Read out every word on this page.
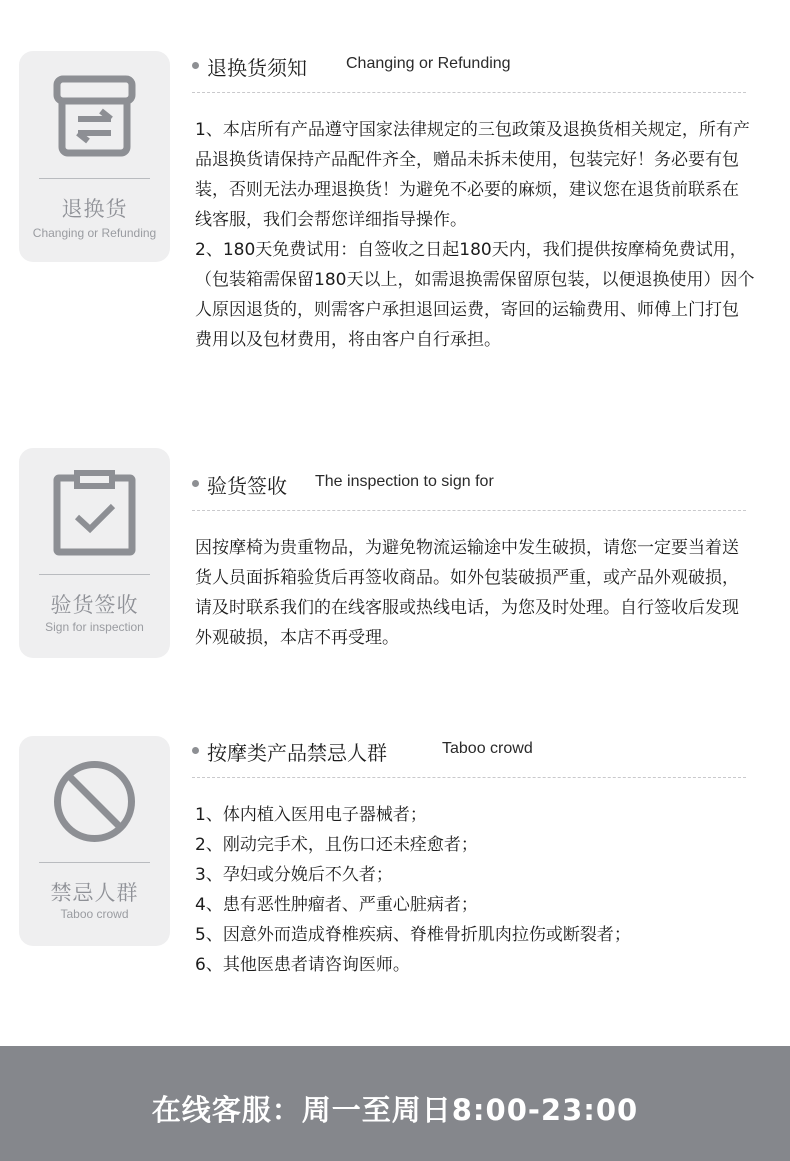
退换货
Changing or Refunding
退换货须知 Changing or Refunding

1、本店所有产品遵守国家法律规定的三包政策及退换货相关规定，所有产品退换货请保持产品配件齐全，赠品未拆未使用，包装完好！务必要有包装，否则无法办理退换货！为避免不必要的麻烦，建议您在退货前联系在线客服，我们会帮您详细指导操作。

2、180天免费试用：自签收之日起180天内，我们提供按摩椅免费试用，（包装箱需保留180天以上，如需退换需保留原包装，以便退换使用）因个人原因退货的，则需客户承担退回运费，寄回的运输费用、师傅上门打包费用以及包材费用，将由客户自行承担。

验货签收
Sign for inspection
验货签收 The inspection to sign for

因按摩椅为贵重物品，为避免物流运输途中发生破损，请您一定要当着送货人员面拆箱验货后再签收商品。如外包装破损严重，或产品外观破损，请及时联系我们的在线客服或热线电话，为您及时处理。自行签收后发现外观破损，本店不再受理。

禁忌人群
Taboo crowd
按摩类产品禁忌人群	Taboo crowd

1、体内植入医用电子器械者；

2、刚动完手术，且伤口还未痊愈者；

3、孕妇或分娩后不久者；

4、患有恶性肿瘤者、严重心脏病者；

5、因意外而造成脊椎疾病、脊椎骨折肌肉拉伤或断裂者；

6、其他医患者请咨询医师。

在线客服：周一至周日8:00-23:00
